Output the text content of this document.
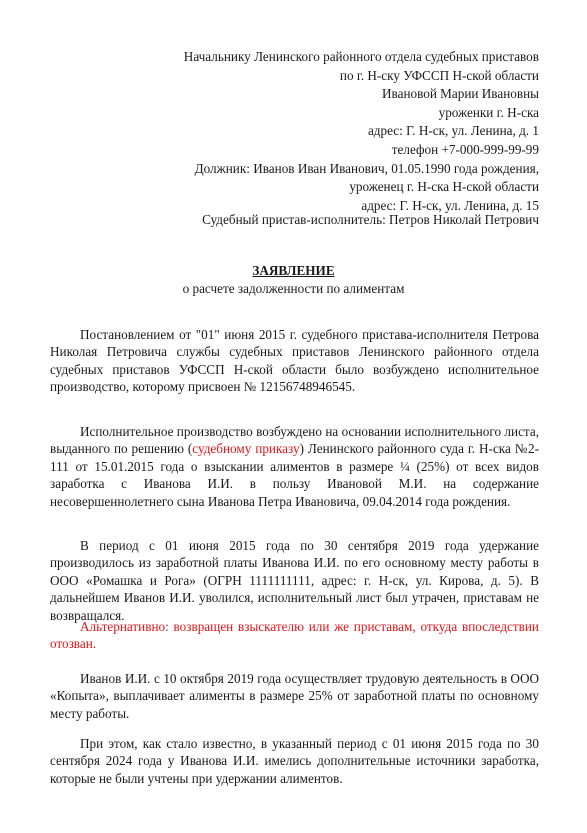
Начальнику Ленинского районного отдела судебных приставов
по г. Н-ску УФССП Н-ской области
Ивановой Марии Ивановны
уроженки г. Н-ска
адрес: Г. Н-ск, ул. Ленина, д. 1
телефон +7-000-999-99-99
Должник: Иванов Иван Иванович, 01.05.1990 года рождения,
уроженец г. Н-ска Н-ской области
адрес: Г. Н-ск, ул. Ленина, д. 15
Судебный пристав-исполнитель: Петров Николай Петрович
ЗАЯВЛЕНИЕ
о расчете задолженности по алиментам

Постановлением от "01" июня 2015 г. судебного пристава-исполнителя Петрова Николая Петровича службы судебных приставов Ленинского районного отдела судебных приставов УФССП Н-ской области было возбуждено исполнительное производство, которому присвоен № 12156748946545.

Исполнительное производство возбуждено на основании исполнительного листа, выданного по решению (судебному приказу) Ленинского районного суда г. Н-ска №2-111 от 15.01.2015 года о взыскании алиментов в размере ¼ (25%) от всех видов заработка с Иванова И.И. в пользу Ивановой М.И. на содержание несовершеннолетнего сына Иванова Петра Ивановича, 09.04.2014 года рождения.

В период с 01 июня 2015 года по 30 сентября 2019 года удержание производилось из заработной платы Иванова И.И. по его основному месту работы в ООО «Ромашка и Рога» (ОГРН 1111111111, адрес: г. Н-ск, ул. Кирова, д. 5). В дальнейшем Иванов И.И. уволился, исполнительный лист был утрачен, приставам не возвращался.

Альтернативно: возвращен взыскателю или же приставам, откуда впоследствии отозван.

Иванов И.И. с 10 октября 2019 года осуществляет трудовую деятельность в ООО «Копыта», выплачивает алименты в размере 25% от заработной платы по основному месту работы.

При этом, как стало известно, в указанный период с 01 июня 2015 года по 30 сентября 2024 года у Иванова И.И. имелись дополнительные источники заработка, которые не были учтены при удержании алиментов.
